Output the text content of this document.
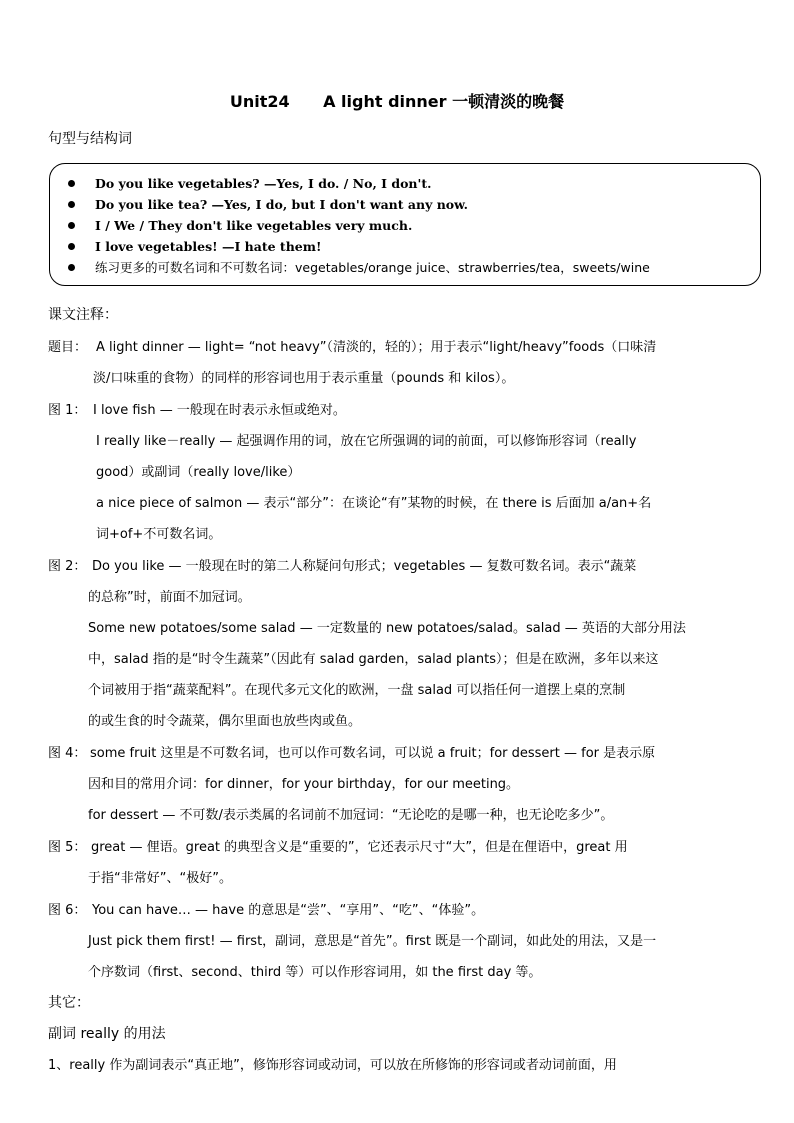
Unit24      A light dinner 一顿清淡的晚餐
句型与结构词
Do you like vegetables? —Yes, I do. / No, I don't.
Do you like tea? —Yes, I do, but I don't want any now.
I / We / They don't like vegetables very much.
I love vegetables! —I hate them!
练习更多的可数名词和不可数名词：vegetables/orange juice、strawberries/tea，sweets/wine
课文注释：
题目： A light dinner — light= “not heavy”（清淡的，轻的）；用于表示“light/heavy”foods（口味清
淡/口味重的食物）的同样的形容词也用于表示重量（pounds 和 kilos）。
图 1： I love fish — 一般现在时表示永恒或绝对。
I really like－really — 起强调作用的词，放在它所强调的词的前面，可以修饰形容词（really
good）或副词（really love/like）
a nice piece of salmon — 表示“部分”：在谈论“有”某物的时候，在 there is 后面加 a/an+名
词+of+不可数名词。
图 2： Do you like — 一般现在时的第二人称疑问句形式；vegetables — 复数可数名词。表示“蔬菜
的总称”时，前面不加冠词。
Some new potatoes/some salad — 一定数量的 new potatoes/salad。salad — 英语的大部分用法
中，salad 指的是“时令生蔬菜”（因此有 salad garden，salad plants）；但是在欧洲，多年以来这
个词被用于指“蔬菜配料”。在现代多元文化的欧洲，一盘 salad 可以指任何一道摆上桌的烹制
的或生食的时令蔬菜，偶尔里面也放些肉或鱼。
图 4： some fruit 这里是不可数名词，也可以作可数名词，可以说 a fruit；for dessert — for 是表示原
因和目的常用介词：for dinner，for your birthday，for our meeting。
for dessert — 不可数/表示类属的名词前不加冠词：“无论吃的是哪一种，也无论吃多少”。
图 5： great — 俚语。great 的典型含义是“重要的”，它还表示尺寸“大”，但是在俚语中，great 用
于指“非常好”、“极好”。
图 6： You can have… — have 的意思是“尝”、“享用”、“吃”、“体验”。
Just pick them first! — first，副词，意思是“首先”。first 既是一个副词，如此处的用法，又是一
个序数词（first、second、third 等）可以作形容词用，如 the first day 等。
其它：
副词 really 的用法
1、really 作为副词表示“真正地”，修饰形容词或动词，可以放在所修饰的形容词或者动词前面，用
